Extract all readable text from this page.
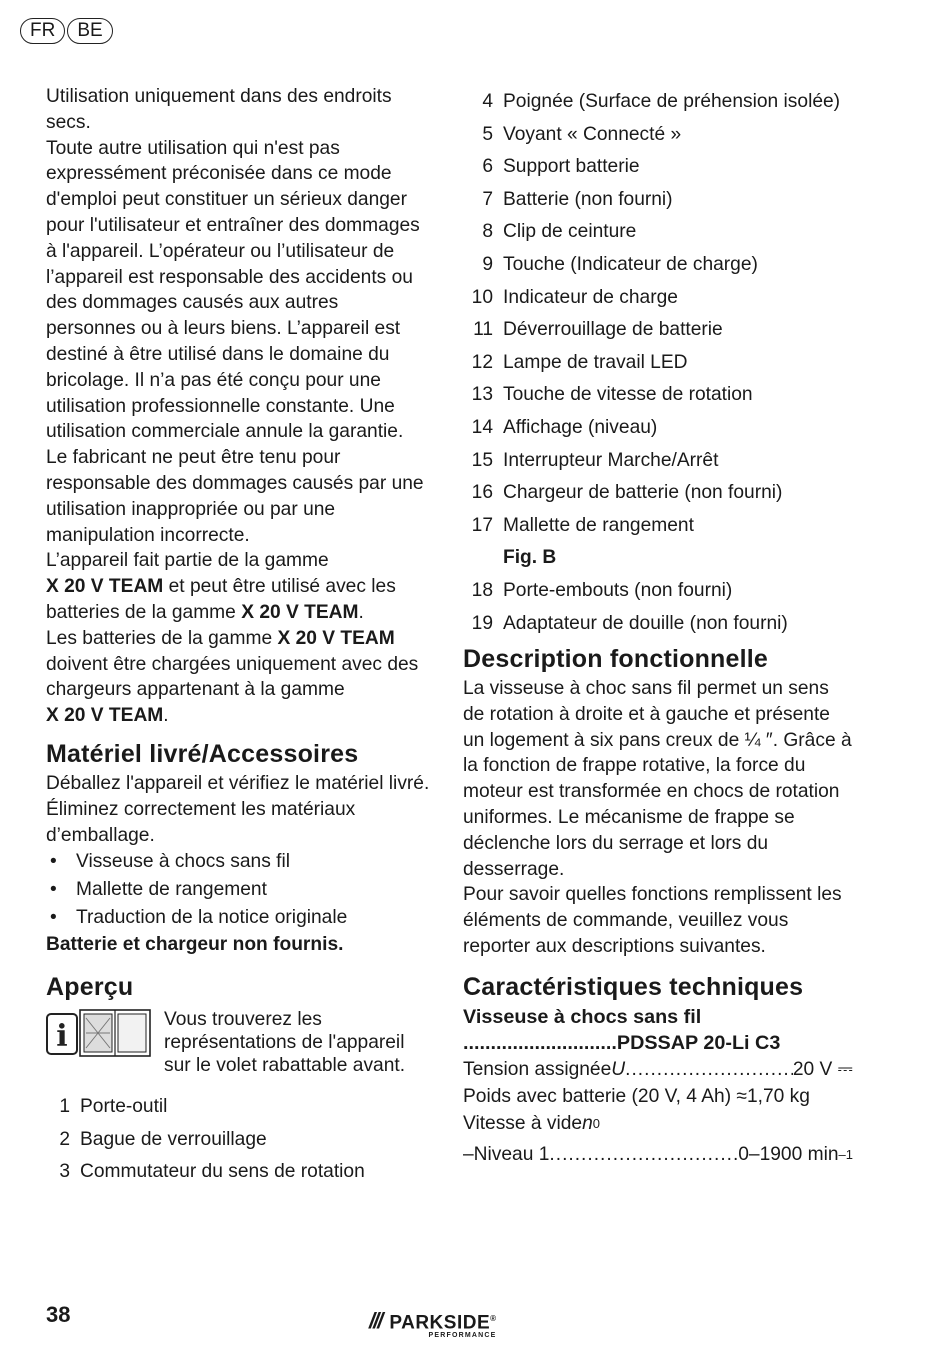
FR	BE

Utilisation uniquement dans des endroits secs.

Toute autre utilisation qui n'est pas expressément préconisée dans ce mode d'emploi peut constituer un sérieux danger pour l'utilisateur et entraîner des dommages à l'appareil. L’opérateur ou l’utilisateur de l’appareil est responsable des accidents ou des dommages causés aux autres personnes ou à leurs biens. L’appareil est destiné à être utilisé dans le domaine du bricolage. Il n’a pas été conçu pour une utilisation professionnelle constante. Une utilisation commerciale annule la garantie.

Le fabricant ne peut être tenu pour responsable des dommages causés par une utilisation inappropriée ou par une manipulation incorrecte.

L’appareil fait partie de la gamme
X 20 V TEAM et peut être utilisé avec les batteries de la gamme X 20 V TEAM.
Les batteries de la gamme X 20 V TEAM doivent être chargées uniquement avec des chargeurs appartenant à la gamme
X 20 V TEAM.

Matériel livré/Accessoires

Déballez l'appareil et vérifiez le matériel livré.

Éliminez correctement les matériaux d’emballage.

•	Visseuse à chocs sans fil
•	Mallette de rangement
•	Traduction de la notice originale

Batterie et chargeur non fournis.

Aperçu
i	Vous trouverez les représentations de l'appareil sur le volet rabattable avant.
1 Porte-outil
2 Bague de verrouillage
3 Commutateur du sens de rotation
4 Poignée (Surface de préhension isolée)
5 Voyant « Connecté »
6 Support batterie
7 Batterie (non fourni)
8 Clip de ceinture
9 Touche (Indicateur de charge)
10 Indicateur de charge
11 Déverrouillage de batterie
12 Lampe de travail LED
13 Touche de vitesse de rotation
14 Affichage (niveau)
15 Interrupteur Marche/Arrêt
16 Chargeur de batterie (non fourni)
17 Mallette de rangement
Fig. B
18 Porte-embouts (non fourni)
19 Adaptateur de douille (non fourni)
Description fonctionnelle

La visseuse à choc sans fil permet un sens de rotation à droite et à gauche et présente un logement à six pans creux de ¼ ″. Grâce à la fonction de frappe rotative, la force du moteur est transformée en chocs de rotation uniformes. Le mécanisme de frappe se déclenche lors du serrage et lors du desserrage.

Pour savoir quelles fonctions remplissent les éléments de commande, veuillez vous reporter aux descriptions suivantes.

Caractéristiques techniques
Visseuse à chocs sans fil
............................PDSSAP 20-Li C3
Tension assignée U .....	20 V ⎓
Poids avec batterie (20 V, 4 Ah) ≈1,70 kg
Vitesse à vide n 0
–Niveau 1 .....	0–1900 min –1
38	/// PARKSIDE®
PERFORMANCE
